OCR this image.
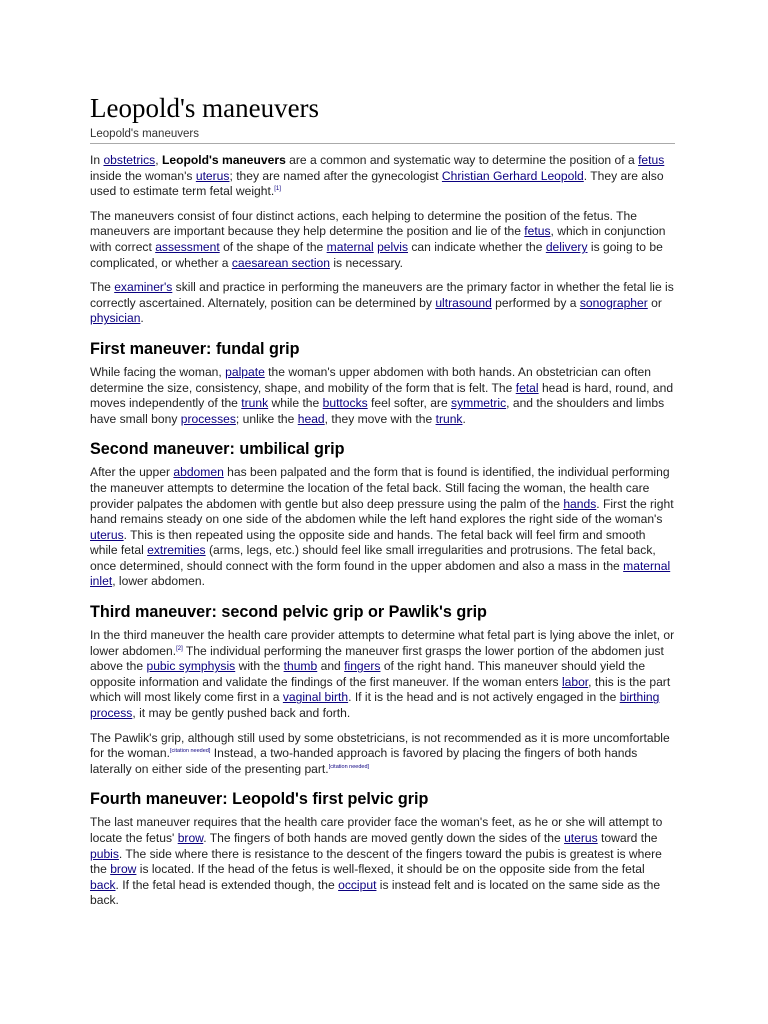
Leopold's maneuvers
Leopold's maneuvers

In obstetrics, Leopold's maneuvers are a common and systematic way to determine the position of a fetus inside the woman's uterus; they are named after the gynecologist Christian Gerhard Leopold. They are also used to estimate term fetal weight.[1]

The maneuvers consist of four distinct actions, each helping to determine the position of the fetus. The maneuvers are important because they help determine the position and lie of the fetus, which in conjunction with correct assessment of the shape of the maternal pelvis can indicate whether the delivery is going to be complicated, or whether a caesarean section is necessary.

The examiner's skill and practice in performing the maneuvers are the primary factor in whether the fetal lie is correctly ascertained. Alternately, position can be determined by ultrasound performed by a sonographer or physician.

First maneuver: fundal grip

While facing the woman, palpate the woman's upper abdomen with both hands. An obstetrician can often determine the size, consistency, shape, and mobility of the form that is felt. The fetal head is hard, round, and moves independently of the trunk while the buttocks feel softer, are symmetric, and the shoulders and limbs have small bony processes; unlike the head, they move with the trunk.

Second maneuver: umbilical grip

After the upper abdomen has been palpated and the form that is found is identified, the individual performing the maneuver attempts to determine the location of the fetal back. Still facing the woman, the health care provider palpates the abdomen with gentle but also deep pressure using the palm of the hands. First the right hand remains steady on one side of the abdomen while the left hand explores the right side of the woman's uterus. This is then repeated using the opposite side and hands. The fetal back will feel firm and smooth while fetal extremities (arms, legs, etc.) should feel like small irregularities and protrusions. The fetal back, once determined, should connect with the form found in the upper abdomen and also a mass in the maternal inlet, lower abdomen.

Third maneuver: second pelvic grip or Pawlik's grip

In the third maneuver the health care provider attempts to determine what fetal part is lying above the inlet, or lower abdomen.[2] The individual performing the maneuver first grasps the lower portion of the abdomen just above the pubic symphysis with the thumb and fingers of the right hand. This maneuver should yield the opposite information and validate the findings of the first maneuver. If the woman enters labor, this is the part which will most likely come first in a vaginal birth. If it is the head and is not actively engaged in the birthing process, it may be gently pushed back and forth.

The Pawlik's grip, although still used by some obstetricians, is not recommended as it is more uncomfortable for the woman.[citation needed] Instead, a two-handed approach is favored by placing the fingers of both hands laterally on either side of the presenting part.[citation needed]

Fourth maneuver: Leopold's first pelvic grip

The last maneuver requires that the health care provider face the woman's feet, as he or she will attempt to locate the fetus' brow. The fingers of both hands are moved gently down the sides of the uterus toward the pubis. The side where there is resistance to the descent of the fingers toward the pubis is greatest is where the brow is located. If the head of the fetus is well-flexed, it should be on the opposite side from the fetal back. If the fetal head is extended though, the occiput is instead felt and is located on the same side as the back.
